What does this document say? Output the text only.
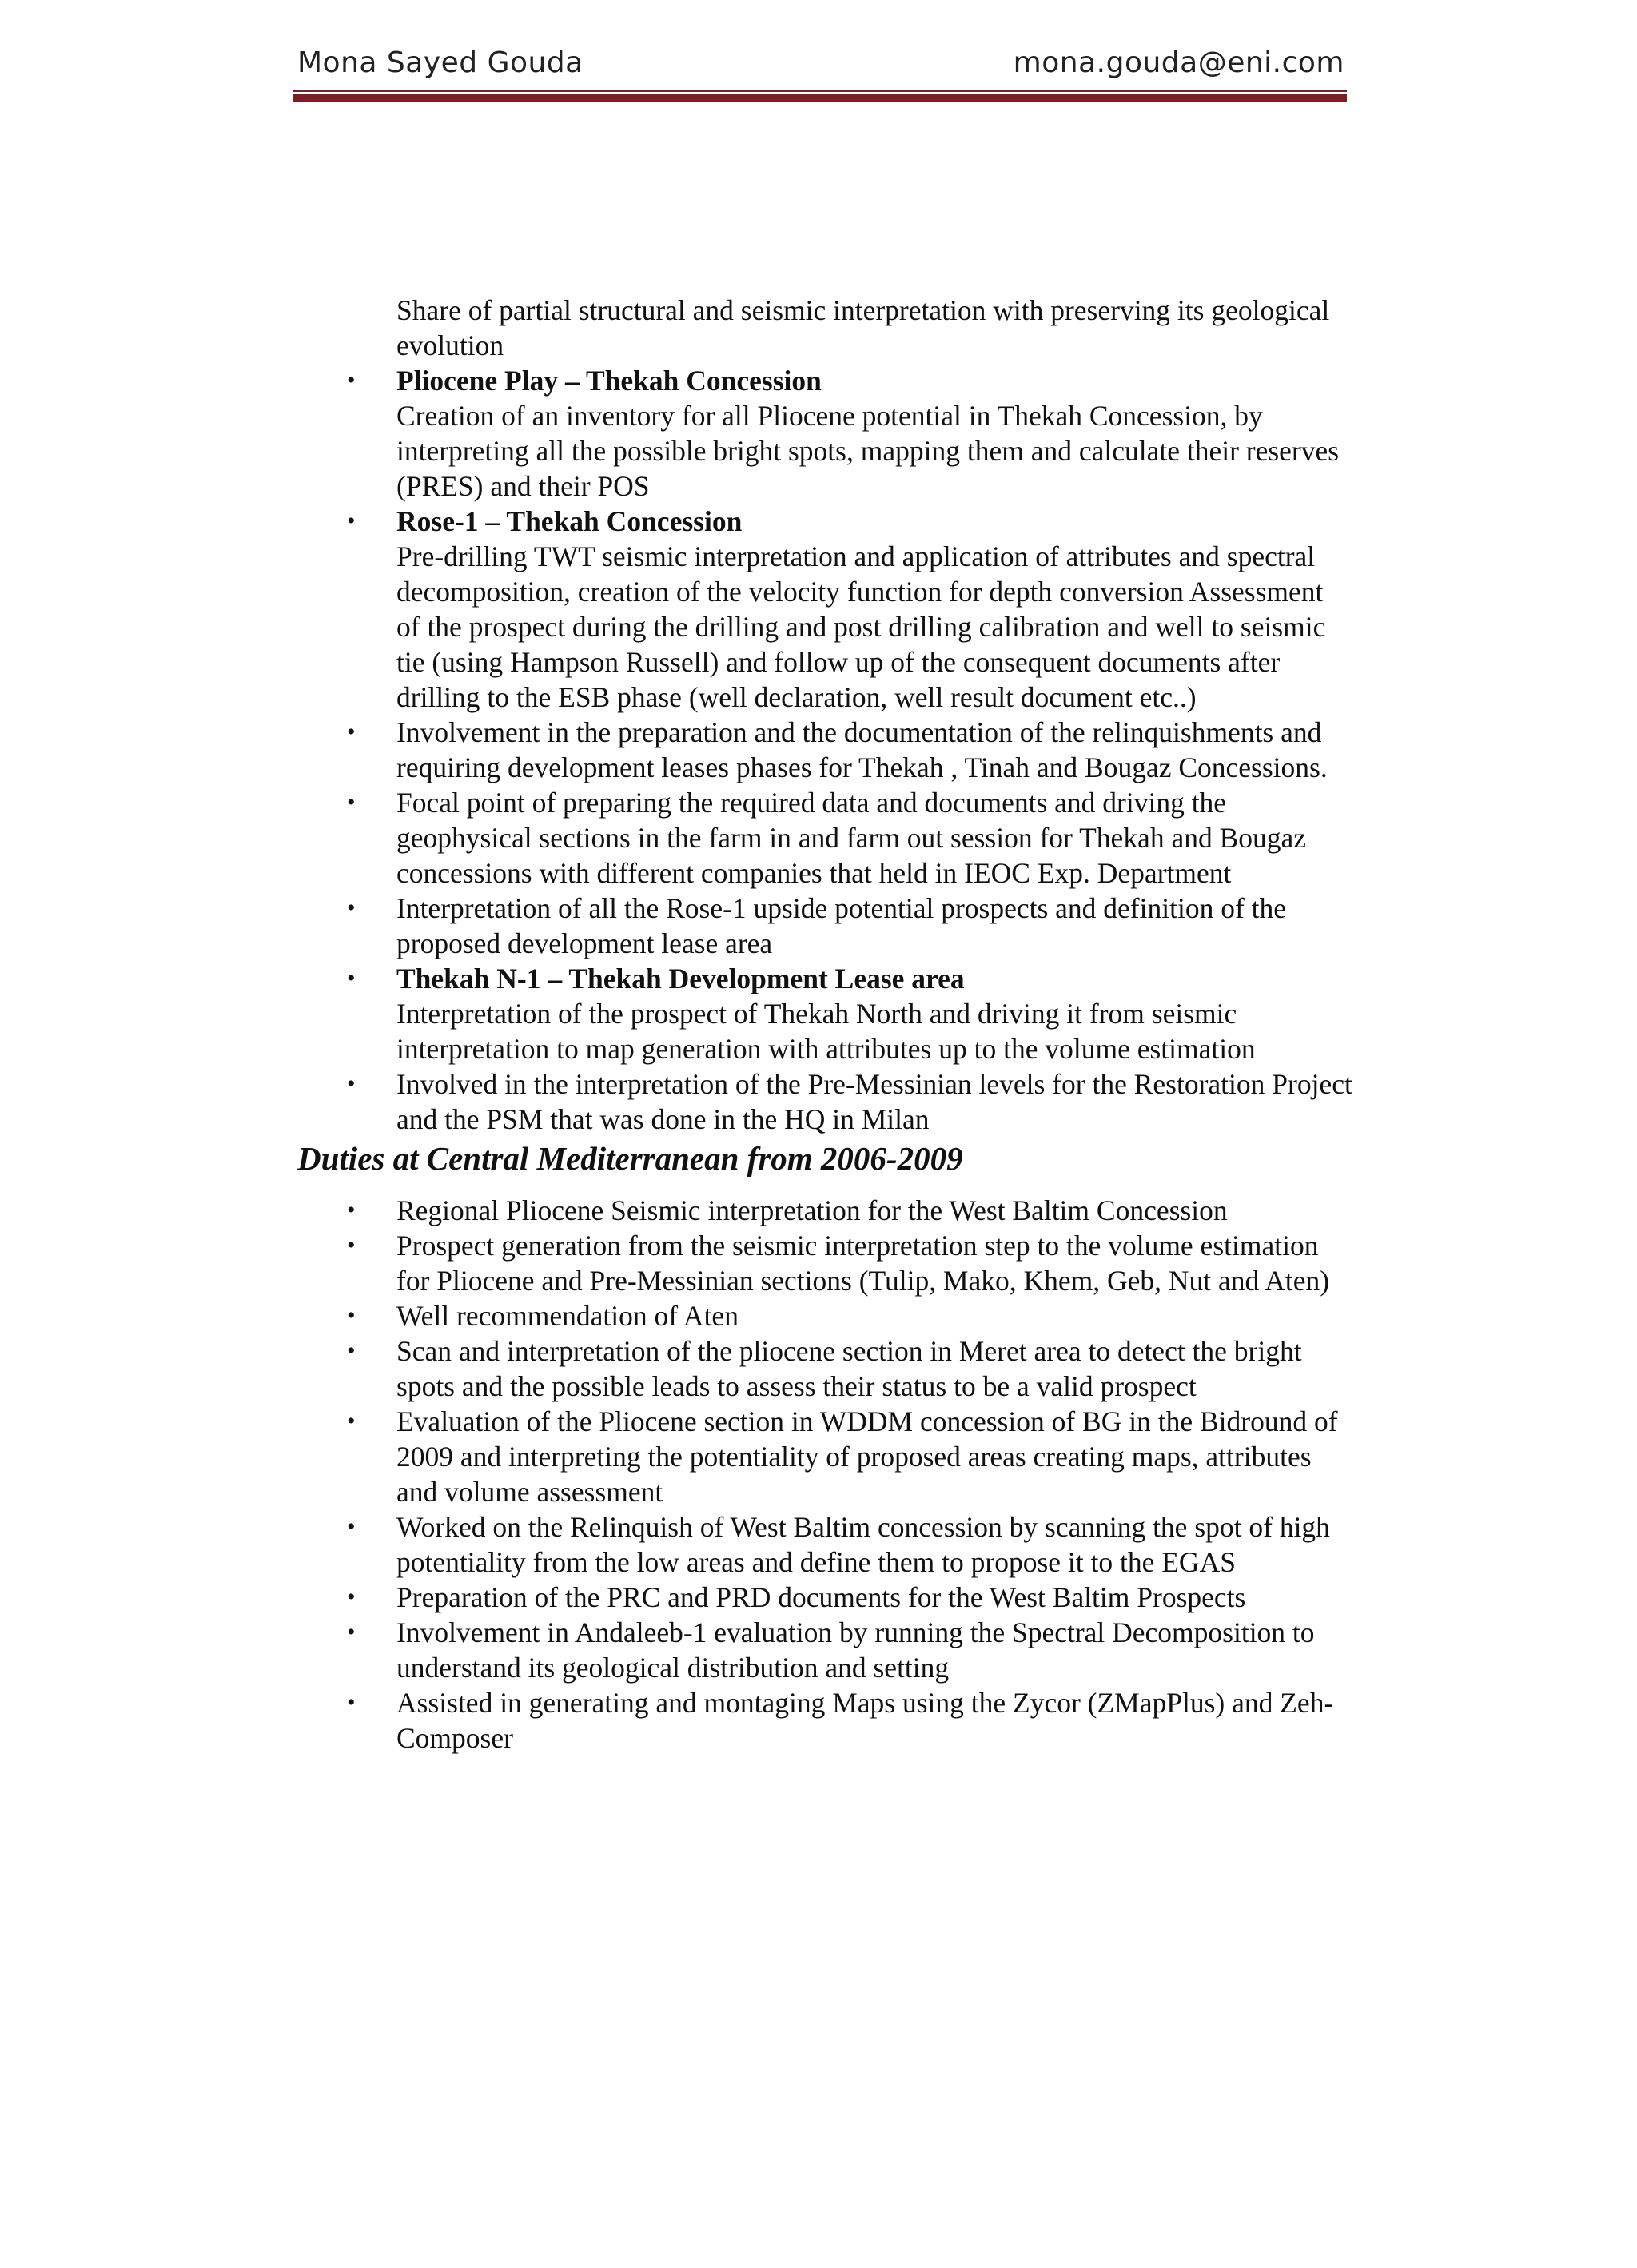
Mona Sayed Gouda	mona.gouda@eni.com
Share of partial structural and seismic interpretation with preserving its geological evolution
• Pliocene Play – Thekah Concession
Creation of an inventory for all Pliocene potential in Thekah Concession, by interpreting all the possible bright spots, mapping them and calculate their reserves (PRES) and their POS
• Rose-1 – Thekah Concession
Pre-drilling TWT seismic interpretation and application of attributes and spectral decomposition, creation of the velocity function for depth conversion Assessment of the prospect during the drilling and post drilling calibration and well to seismic tie (using Hampson Russell) and follow up of the consequent documents after drilling to the ESB phase (well declaration, well result document etc..)
• Involvement in the preparation and the documentation of the relinquishments and requiring development leases phases for Thekah , Tinah and Bougaz Concessions.
• Focal point of preparing the required data and documents and driving the geophysical sections in the farm in and farm out session for Thekah and Bougaz concessions with different companies that held in IEOC Exp. Department
• Interpretation of all the Rose-1 upside potential prospects and definition of the proposed development lease area
• Thekah N-1 – Thekah Development Lease area
Interpretation of the prospect of Thekah North and driving it from seismic interpretation to map generation with attributes up to the volume estimation
• Involved in the interpretation of the Pre-Messinian levels for the Restoration Project and the PSM that was done in the HQ in Milan
Duties at Central Mediterranean from 2006-2009
• Regional Pliocene Seismic interpretation for the West Baltim Concession
• Prospect generation from the seismic interpretation step to the volume estimation for Pliocene and Pre-Messinian sections (Tulip, Mako, Khem, Geb, Nut and Aten)
• Well recommendation of Aten
• Scan and interpretation of the pliocene section in Meret area to detect the bright spots and the possible leads to assess their status to be a valid prospect
• Evaluation of the Pliocene section in WDDM concession of BG in the Bidround of 2009 and interpreting the potentiality of proposed areas creating maps, attributes and volume assessment
• Worked on the Relinquish of West Baltim concession by scanning the spot of high potentiality from the low areas and define them to propose it to the EGAS
• Preparation of the PRC and PRD documents for the West Baltim Prospects
• Involvement in Andaleeb-1 evaluation by running the Spectral Decomposition to understand its geological distribution and setting
• Assisted in generating and montaging Maps using the Zycor (ZMapPlus) and Zeh-Composer
